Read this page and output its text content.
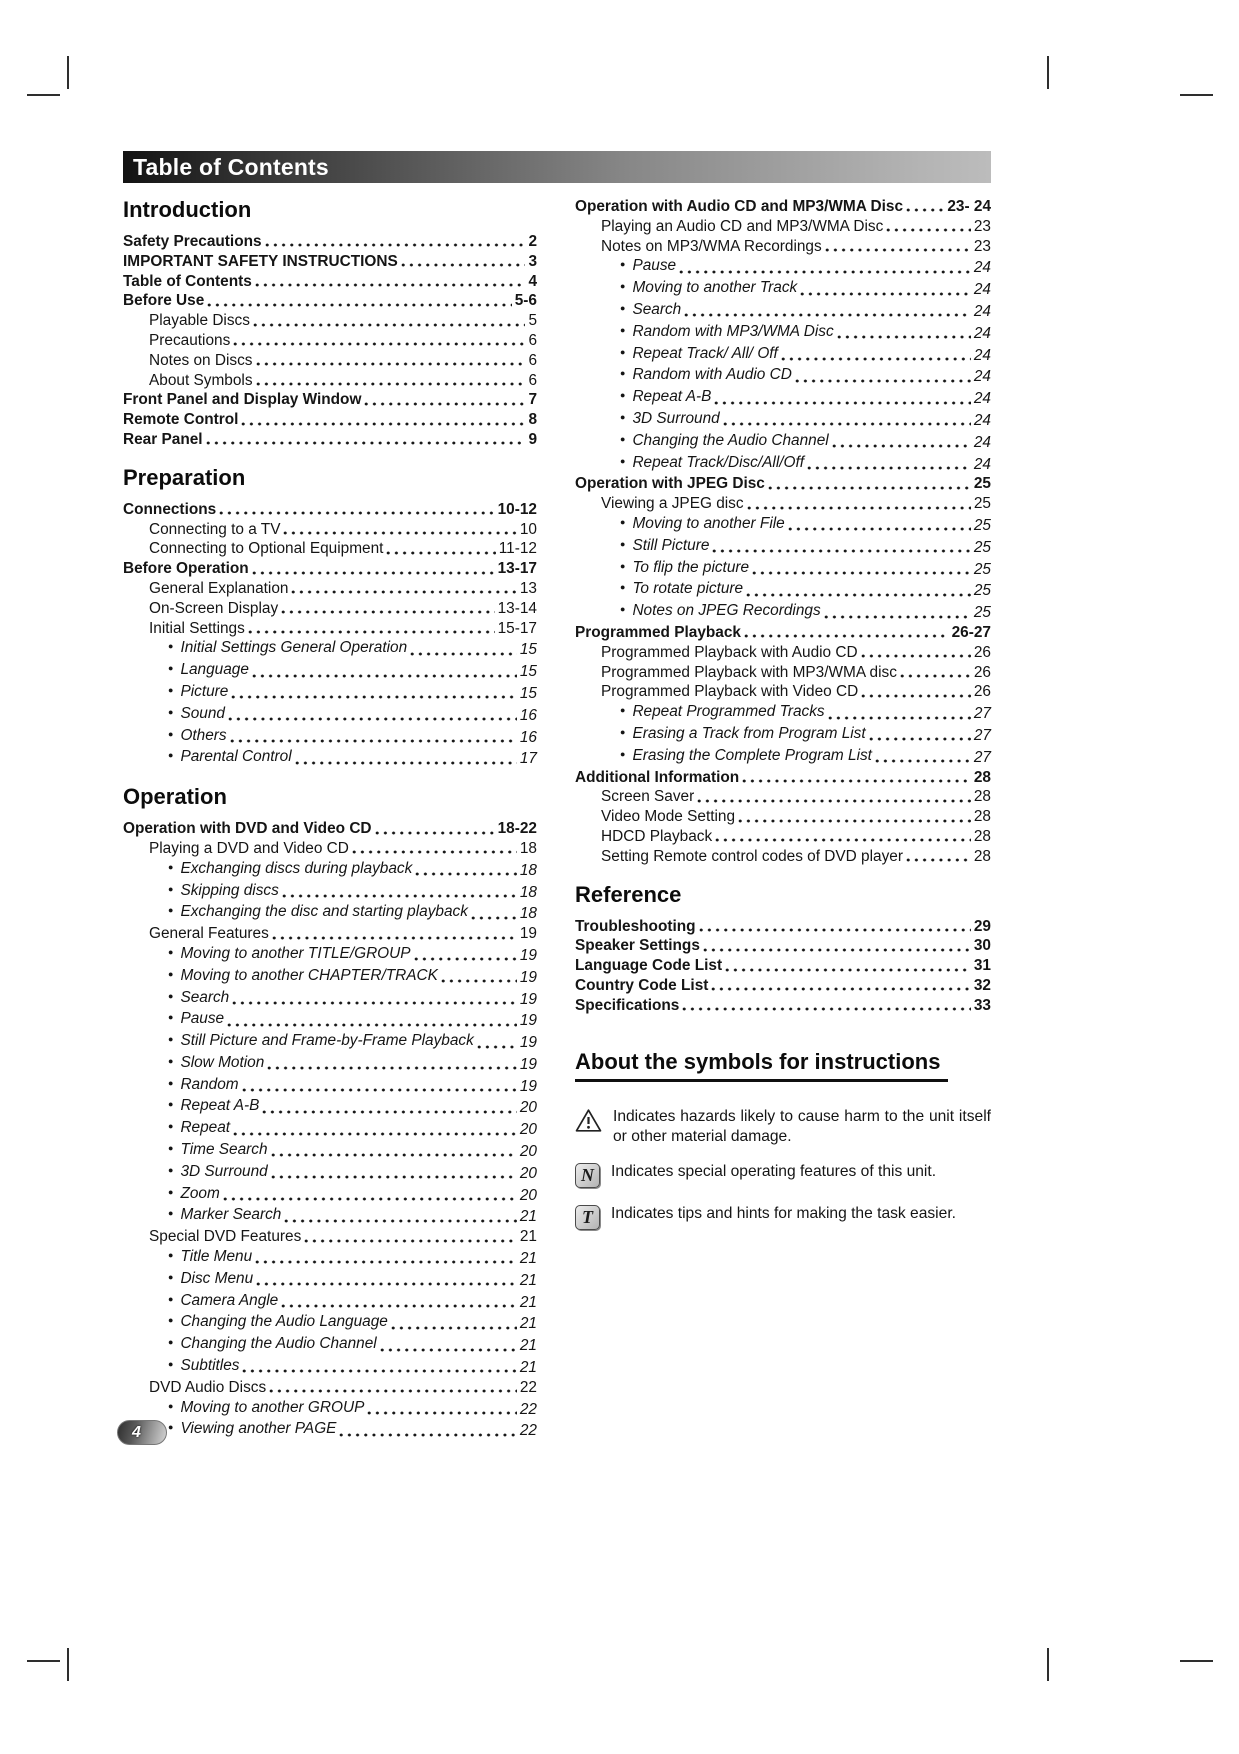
Table of Contents
Introduction
Safety Precautions	2
IMPORTANT SAFETY INSTRUCTIONS	3
Table of Contents	4
Before Use	5-6
Playable Discs	5
Precautions	6
Notes on Discs	6
About Symbols	6
Front Panel and Display Window	7
Remote Control	8
Rear Panel	9
Preparation
Connections	10-12
Connecting to a TV	10
Connecting to Optional Equipment	11-12
Before Operation	13-17
General Explanation	13
On-Screen Display	13-14
Initial Settings	15-17
● Initial Settings General Operation	15
● Language	15
● Picture	15
● Sound	16
● Others	16
● Parental Control	17
Operation
Operation with DVD and Video CD	18-22
Playing a DVD and Video CD	18
● Exchanging discs during playback	18
● Skipping discs	18
● Exchanging the disc and starting playback	18
General Features	19
● Moving to another TITLE/GROUP	19
● Moving to another CHAPTER/TRACK	19
● Search	19
● Pause	19
● Still Picture and Frame-by-Frame Playback	19
● Slow Motion	19
● Random	19
● Repeat A-B	20
● Repeat	20
● Time Search	20
● 3D Surround	20
● Zoom	20
● Marker Search	21
Special DVD Features	21
● Title Menu	21
● Disc Menu	21
● Camera Angle	21
● Changing the Audio Language	21
● Changing the Audio Channel	21
● Subtitles	21
DVD Audio Discs	22
● Moving to another GROUP	22
● Viewing another PAGE	22
Operation with Audio CD and MP3/WMA Disc	23- 24
Playing an Audio CD and MP3/WMA Disc	23
Notes on MP3/WMA Recordings	23
● Pause	24
● Moving to another Track	24
● Search	24
● Random with MP3/WMA Disc	24
● Repeat Track/ All/ Off	24
● Random with Audio CD	24
● Repeat A-B	24
● 3D Surround	24
● Changing the Audio Channel	24
● Repeat Track/Disc/All/Off	24
Operation with JPEG Disc	25
Viewing a JPEG disc	25
● Moving to another File	25
● Still Picture	25
● To flip the picture	25
● To rotate picture	25
● Notes on JPEG Recordings	25
Programmed Playback	26-27
Programmed Playback with Audio CD	26
Programmed Playback with MP3/WMA disc	26
Programmed Playback with Video CD	26
● Repeat Programmed Tracks	27
● Erasing a Track from Program List	27
● Erasing the Complete Program List	27
Additional Information	28
Screen Saver	28
Video Mode Setting	28
HDCD Playback	28
Setting Remote control codes of DVD player	28
Reference
Troubleshooting	29
Speaker Settings	30
Language Code List	31
Country Code List	32
Specifications	33
About the symbols for instructions

Indicates hazards likely to cause harm to the unit itself or other material damage.

N Indicates special operating features of this unit.

T Indicates tips and hints for making the task easier.

4
